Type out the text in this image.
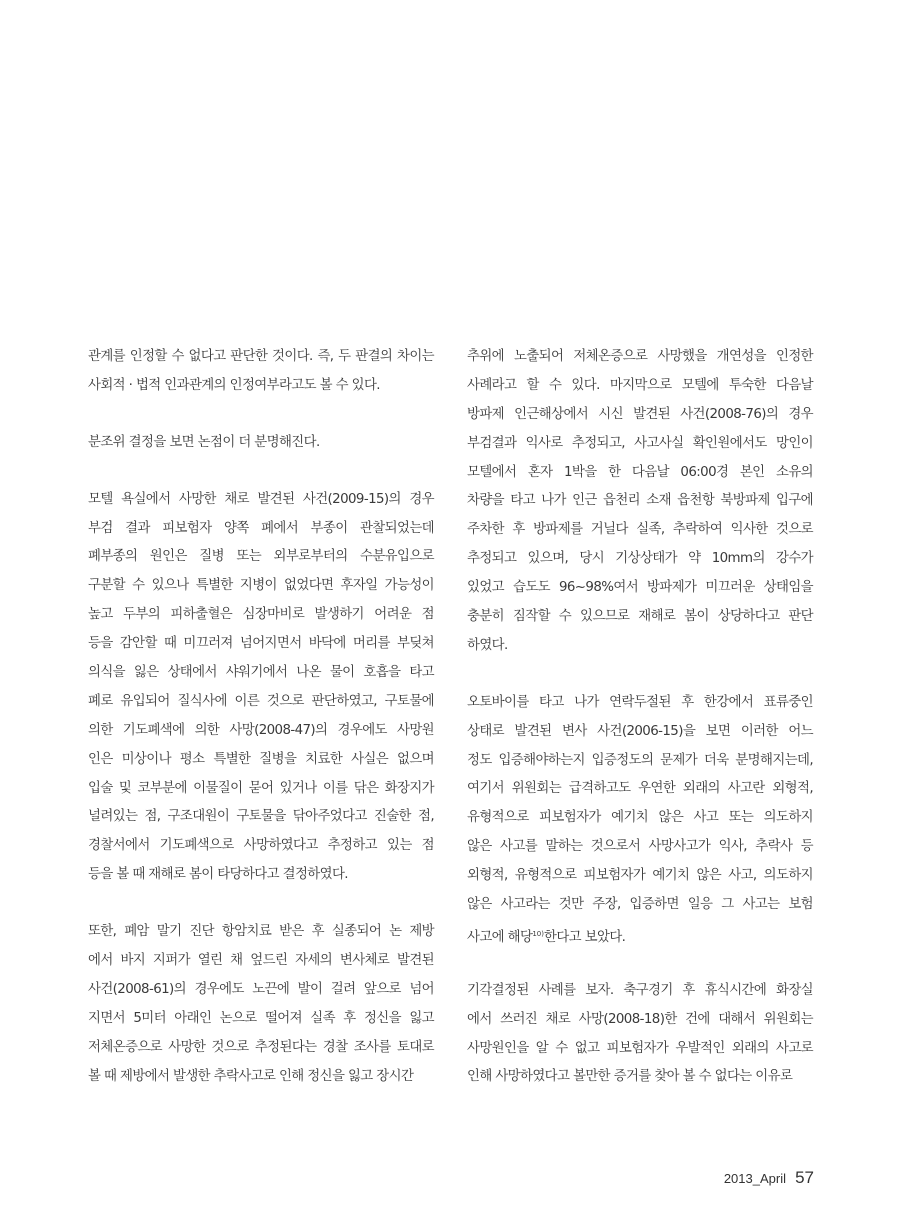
관계를 인정할 수 없다고 판단한 것이다. 즉, 두 판결의 차이는
사회적 · 법적 인과관계의 인정여부라고도 볼 수 있다.
분조위 결정을 보면 논점이 더 분명해진다.
모텔 욕실에서 사망한 채로 발견된 사건(2009-15)의 경우
부검 결과 피보험자 양쪽 폐에서 부종이 관찰되었는데
폐부종의 원인은 질병 또는 외부로부터의 수분유입으로
구분할 수 있으나 특별한 지병이 없었다면 후자일 가능성이
높고 두부의 피하출혈은 심장마비로 발생하기 어려운 점
등을 감안할 때 미끄러져 넘어지면서 바닥에 머리를 부딪쳐
의식을 잃은 상태에서 샤워기에서 나온 물이 호흡을 타고
폐로 유입되어 질식사에 이른 것으로 판단하였고, 구토물에
의한 기도폐색에 의한 사망(2008-47)의 경우에도 사망원
인은 미상이나 평소 특별한 질병을 치료한 사실은 없으며
입술 및 코부분에 이물질이 묻어 있거나 이를 닦은 화장지가
널려있는 점, 구조대원이 구토물을 닦아주었다고 진술한 점,
경찰서에서 기도폐색으로 사망하였다고 추정하고 있는 점
등을 볼 때 재해로 봄이 타당하다고 결정하였다.
또한, 폐암 말기 진단 항암치료 받은 후 실종되어 논 제방
에서 바지 지퍼가 열린 채 엎드린 자세의 변사체로 발견된
사건(2008-61)의 경우에도 노끈에 발이 걸려 앞으로 넘어
지면서 5미터 아래인 논으로 떨어져 실족 후 정신을 잃고
저체온증으로 사망한 것으로 추정된다는 경찰 조사를 토대로
볼 때 제방에서 발생한 추락사고로 인해 정신을 잃고 장시간
추위에 노출되어 저체온증으로 사망했을 개연성을 인정한
사례라고 할 수 있다. 마지막으로 모텔에 투숙한 다음날
방파제 인근해상에서 시신 발견된 사건(2008-76)의 경우
부검결과 익사로 추정되고, 사고사실 확인원에서도 망인이
모텔에서 혼자 1박을 한 다음날 06:00경 본인 소유의
차량을 타고 나가 인근 읍천리 소재 읍천항 북방파제 입구에
주차한 후 방파제를 거닐다 실족, 추락하여 익사한 것으로
추정되고 있으며, 당시 기상상태가 약 10mm의 강수가
있었고 습도도 96~98%여서 방파제가 미끄러운 상태임을
충분히 짐작할 수 있으므로 재해로 봄이 상당하다고 판단
하였다.
오토바이를 타고 나가 연락두절된 후 한강에서 표류중인
상태로 발견된 변사 사건(2006-15)을 보면 이러한 어느
정도 입증해야하는지 입증정도의 문제가 더욱 분명해지는데,
여기서 위원회는 급격하고도 우연한 외래의 사고란 외형적,
유형적으로 피보험자가 예기치 않은 사고 또는 의도하지
않은 사고를 말하는 것으로서 사망사고가 익사, 추락사 등
외형적, 유형적으로 피보험자가 예기치 않은 사고, 의도하지
않은 사고라는 것만 주장, 입증하면 일응 그 사고는 보험
사고에 해당$^{10)}$한다고 보았다.
기각결정된 사례를 보자. 축구경기 후 휴식시간에 화장실
에서 쓰러진 채로 사망(2008-18)한 건에 대해서 위원회는
사망원인을 알 수 없고 피보험자가 우발적인 외래의 사고로
인해 사망하였다고 볼만한 증거를 찾아 볼 수 없다는 이유로
2013_April 57
